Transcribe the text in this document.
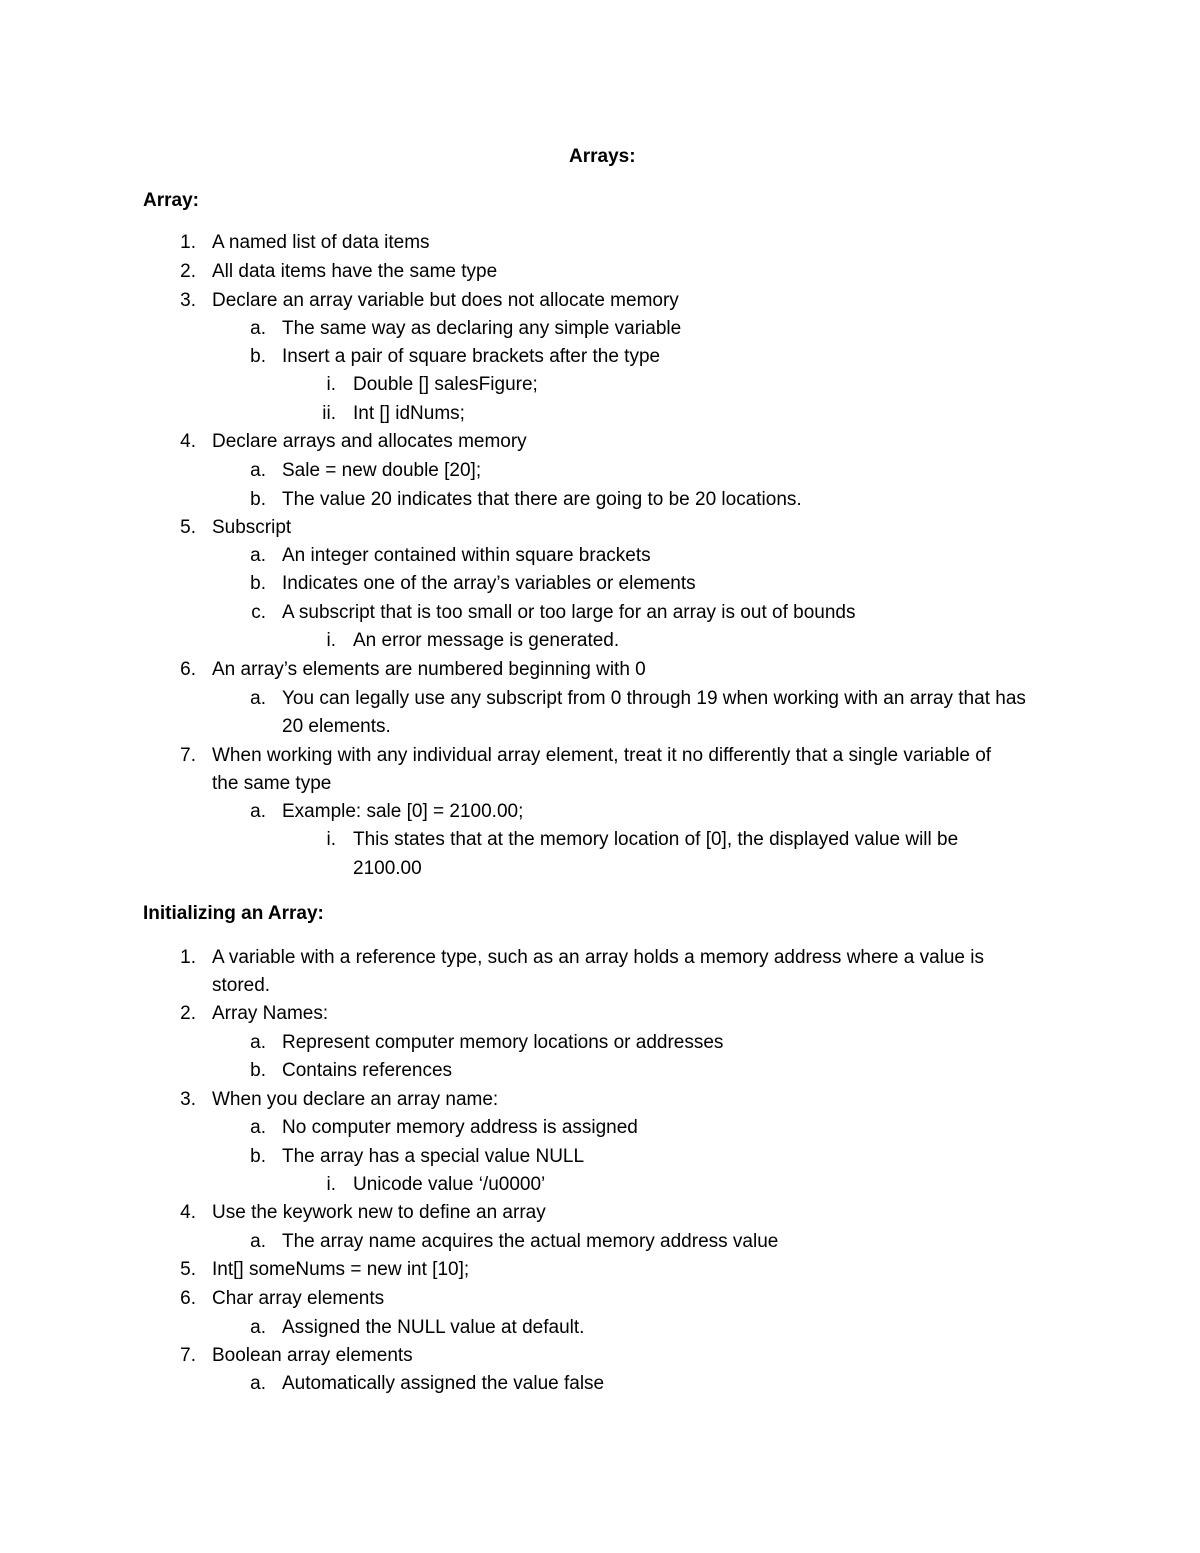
Arrays:
Array:
1. A named list of data items
2. All data items have the same type
3. Declare an array variable but does not allocate memory
a. The same way as declaring any simple variable
b. Insert a pair of square brackets after the type
i. Double [] salesFigure;
ii. Int [] idNums;
4. Declare arrays and allocates memory
a. Sale = new double [20];
b. The value 20 indicates that there are going to be 20 locations.
5. Subscript
a. An integer contained within square brackets
b. Indicates one of the array’s variables or elements
c. A subscript that is too small or too large for an array is out of bounds
i. An error message is generated.
6. An array’s elements are numbered beginning with 0
a. You can legally use any subscript from 0 through 19 when working with an array that has
20 elements.
7. When working with any individual array element, treat it no differently that a single variable of
the same type
a. Example: sale [0] = 2100.00;
i. This states that at the memory location of [0], the displayed value will be
2100.00
Initializing an Array:
1. A variable with a reference type, such as an array holds a memory address where a value is
stored.
2. Array Names:
a. Represent computer memory locations or addresses
b. Contains references
3. When you declare an array name:
a. No computer memory address is assigned
b. The array has a special value NULL
i. Unicode value ‘/u0000’
4. Use the keywork new to define an array
a. The array name acquires the actual memory address value
5. Int[] someNums = new int [10];
6. Char array elements
a. Assigned the NULL value at default.
7. Boolean array elements
a. Automatically assigned the value false
